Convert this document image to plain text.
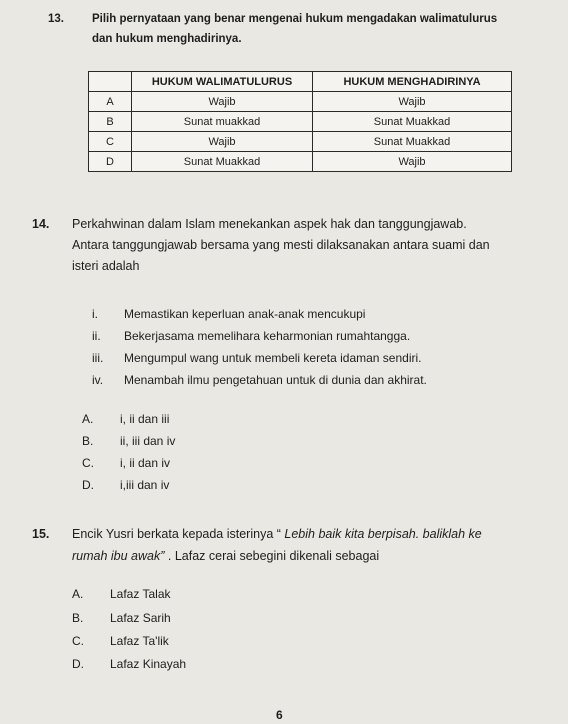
13. Pilih pernyataan yang benar mengenai hukum mengadakan walimatulurus
dan hukum menghadirinya.
	HUKUM WALIMATULURUS	HUKUM MENGHADIRINYA
A	Wajib	Wajib
B	Sunat muakkad	Sunat Muakkad
C	Wajib	Sunat Muakkad
D	Sunat Muakkad	Wajib
14. Perkahwinan dalam Islam menekankan aspek hak dan tanggungjawab.
Antara tanggungjawab bersama yang mesti dilaksanakan antara suami dan
isteri adalah
i. Memastikan keperluan anak-anak mencukupi
ii. Bekerjasama memelihara keharmonian rumahtangga.
iii. Mengumpul wang untuk membeli kereta idaman sendiri.
iv. Menambah ilmu pengetahuan untuk di dunia dan akhirat.
A. i, ii dan iii
B. ii, iii dan iv
C. i, ii dan iv
D. i,iii dan iv
15. Encik Yusri berkata kepada isterinya “ Lebih baik kita berpisah. baliklah ke
rumah ibu awak” . Lafaz cerai sebegini dikenali sebagai
A. Lafaz Talak
B. Lafaz Sarih
C. Lafaz Ta'lik
D. Lafaz Kinayah
6
